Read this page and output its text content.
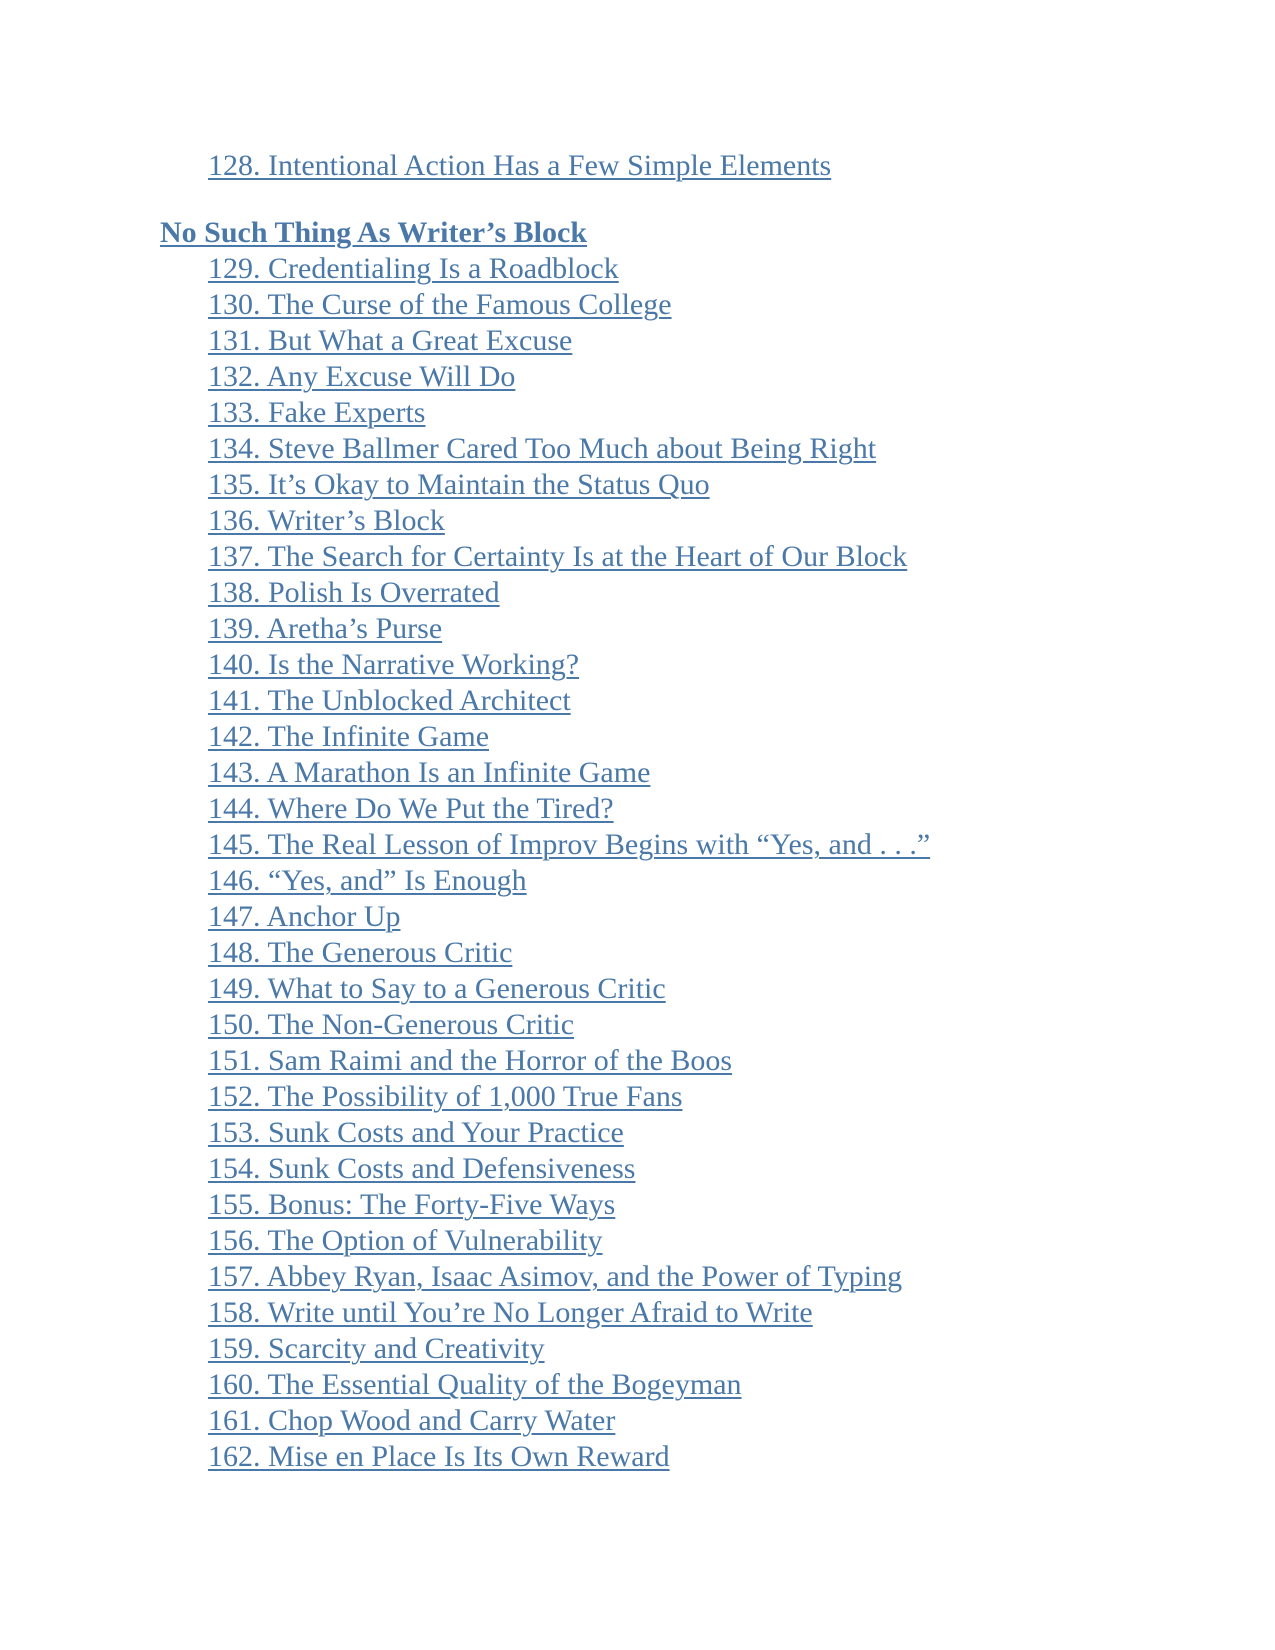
128. Intentional Action Has a Few Simple Elements
No Such Thing As Writer’s Block
129. Credentialing Is a Roadblock
130. The Curse of the Famous College
131. But What a Great Excuse
132. Any Excuse Will Do
133. Fake Experts
134. Steve Ballmer Cared Too Much about Being Right
135. It’s Okay to Maintain the Status Quo
136. Writer’s Block
137. The Search for Certainty Is at the Heart of Our Block
138. Polish Is Overrated
139. Aretha’s Purse
140. Is the Narrative Working?
141. The Unblocked Architect
142. The Infinite Game
143. A Marathon Is an Infinite Game
144. Where Do We Put the Tired?
145. The Real Lesson of Improv Begins with “Yes, and . . .”
146. “Yes, and” Is Enough
147. Anchor Up
148. The Generous Critic
149. What to Say to a Generous Critic
150. The Non-Generous Critic
151. Sam Raimi and the Horror of the Boos
152. The Possibility of 1,000 True Fans
153. Sunk Costs and Your Practice
154. Sunk Costs and Defensiveness
155. Bonus: The Forty-Five Ways
156. The Option of Vulnerability
157. Abbey Ryan, Isaac Asimov, and the Power of Typing
158. Write until You’re No Longer Afraid to Write
159. Scarcity and Creativity
160. The Essential Quality of the Bogeyman
161. Chop Wood and Carry Water
162. Mise en Place Is Its Own Reward
